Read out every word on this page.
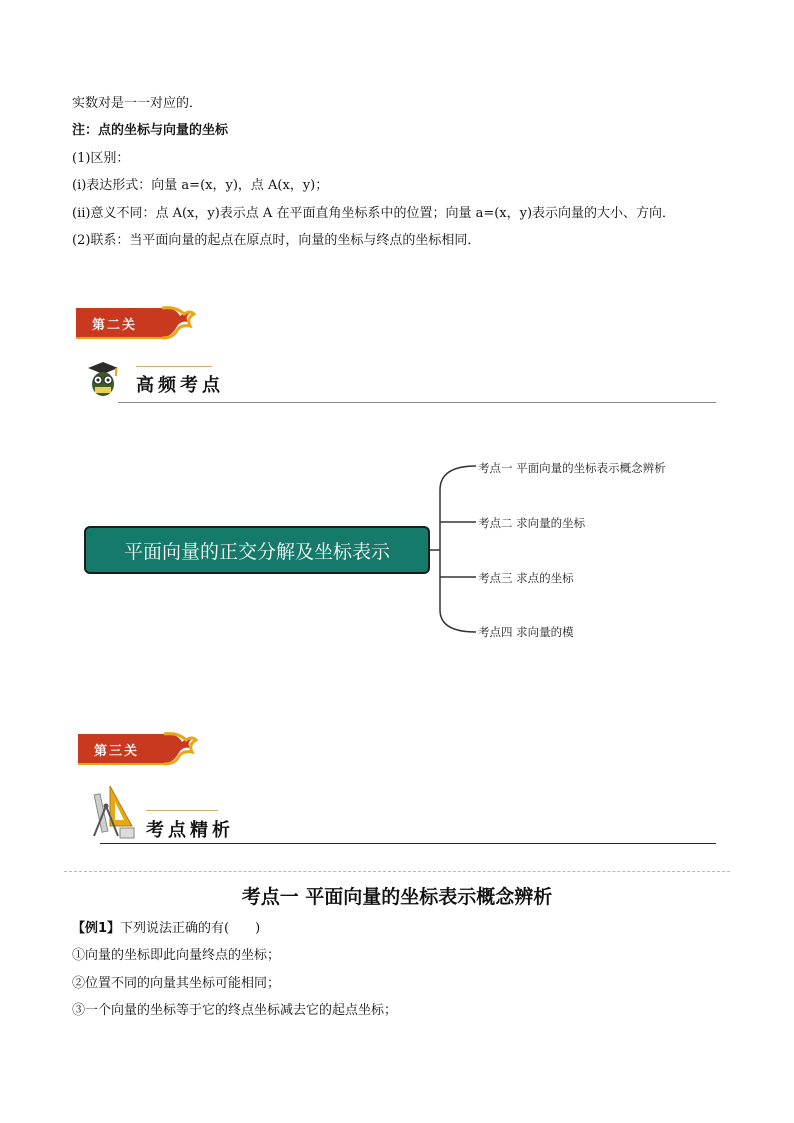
实数对是一一对应的．
注：点的坐标与向量的坐标
(1)区别：
(ⅰ)表达形式：向量 a=(x，y)，点 A(x，y)；
(ⅱ)意义不同：点 A(x，y)表示点 A 在平面直角坐标系中的位置；向量 a=(x，y)表示向量的大小、方向．
(2)联系：当平面向量的起点在原点时，向量的坐标与终点的坐标相同．
第二关
高频考点
平面向量的正交分解及坐标表示
考点一 平面向量的坐标表示概念辨析
考点二 求向量的坐标
考点三 求点的坐标
考点四 求向量的模
第三关
考点精析
考点一 平面向量的坐标表示概念辨析
【例1】下列说法正确的有(　　)
①向量的坐标即此向量终点的坐标；
②位置不同的向量其坐标可能相同；
③一个向量的坐标等于它的终点坐标减去它的起点坐标；
